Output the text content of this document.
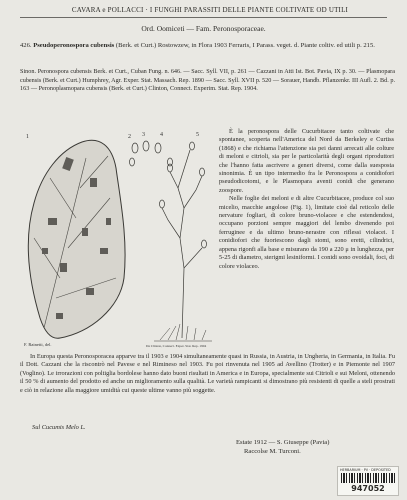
CAVARA e POLLACCI · I FUNGHI PARASSITI DELLE PIANTE COLTIVATE OD UTILI
Ord. Oomiceti — Fam. Peronosporaceae.
426. Pseudoperonospora cubensis (Berk. et Curt.) Rostowzew, in Flora 1903 Ferraris, I Parass. veget. d. Piante coltiv. ed utili p. 215.
Sinon. Peronospora cubensis Berk. et Curt., Cuban Fung. n. 646. — Sacc. Syll. VII, p. 261 — Cazzani in Atti Ist. Bot. Pavia, IX p. 30. — Plasmopara cubensis (Berk. et Curt.) Humphrey, Agr. Exper. Stat. Massach. Rep. 1890 — Sacc. Syll. XVII p. 520 — Sorauer, Handb. Pflanzenkr. III Aufl. 2. Bd. p. 163 — Peronoplasmopara cubensis (Berk. et Curt.) Clinton, Connect. Experim. Stat. Rep. 1904.
1	2 3	4	5
F. Rainetti, del.	Da Clinton, Connect. Exper. Stat. Rep. 1904

È la peronospora delle Cucurbitacee tanto coltivate che spontanee, scoperta nell'America del Nord da Berkeley e Curtiss (1868) e che richiama l'attenzione sia pei danni arrecati alle colture di meloni e citrioli, sia per le particolarità degli organi riproduttori che l'hanno fatta ascrivere a generi diversi, come dalla suesposta sinonimia. È un tipo intermedio fra le Peronospora a conidiofori pseudodicotomi, e le Plasmopara aventi conidi che generano zoospore.

Nelle foglie dei meloni e di altre Cucurbitacee, produce col suo micelio, macchie angolose (Fig. 1), limitate cioè dal reticolo delle nervature fogliari, di colore bruno-violacee e che estendendosi, occupano porzioni sempre maggiori del lembo divenendo poi ferruginee e da ultimo bruno-nerastre con riflessi violacei. I conidiofori che fuoriescono dagli stomi, sono eretti, cilindrici, appena rigonfi alla base e misurano da 190 a 220 μ in lunghezza, per 5-25 di diametro, sterigmi lesiniformi. I conidi sono ovoidali, foci, di colore violaceo.

In Europa questa Peronosporacea apparve tra il 1903 e 1904 simultaneamente quasi in Russia, in Austria, in Ungheria, in Germania, in Italia. Fu il Dott. Cazzani che la riscontrò nel Pavese e nel Rimineso nel 1903. Fu poi rinvenuta nel 1905 ad Avellino (Trotter) e in Piemonte nel 1907 (Voglino). Le irrorazioni con poltiglia bordolese hanno dato buoni risultati in America e in Europa, specialmente sui Citrioli e sui Meloni, ottenendo il 50 % di aumento del prodotto ed anche un miglioramento sulla qualità. Le varietà rampicanti si dimostrano più resistenti di quelle a steli prostrati e ciò in relazione alla maggiore umidità cui queste ultime vanno più soggette.

Sul Cucumis Melo L.
Estate 1912 — S. Giuseppe (Pavia)
Raccolse M. Turconi.
HERBARIUM · PV · DEPOSITED
947052
